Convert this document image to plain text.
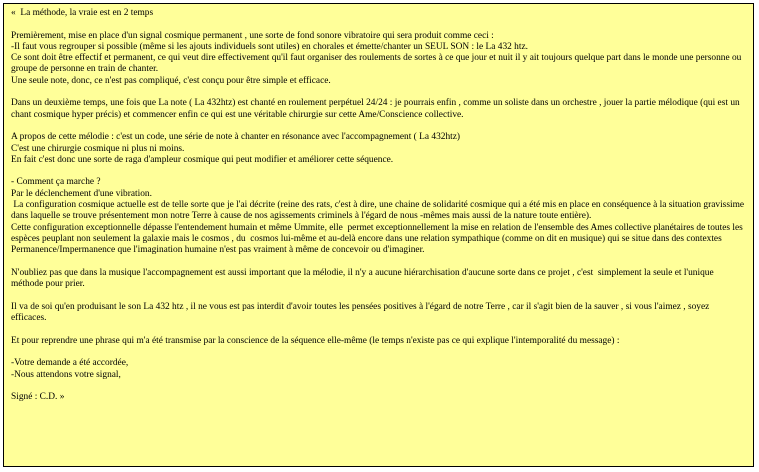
«  La méthode, la vraie est en 2 temps

Premièrement, mise en place d'un signal cosmique permanent , une sorte de fond sonore vibratoire qui sera produit comme ceci :
-Il faut vous regrouper si possible (même si les ajouts individuels sont utiles) en chorales et émette/chanter un SEUL SON : le La 432 htz.
Ce sont doit être effectif et permanent, ce qui veut dire effectivement qu'il faut organiser des roulements de sortes à ce que jour et nuit il y ait toujours quelque part dans le monde une personne ou groupe de personne en train de chanter.
Une seule note, donc, ce n'est pas compliqué, c'est conçu pour être simple et efficace.

Dans un deuxième temps, une fois que La note ( La 432htz) est chanté en roulement perpétuel 24/24 : je pourrais enfin , comme un soliste dans un orchestre , jouer la partie mélodique (qui est un chant cosmique hyper précis) et commencer enfin ce qui est une véritable chirurgie sur cette Ame/Conscience collective.

A propos de cette mélodie : c'est un code, une série de note à chanter en résonance avec l'accompagnement ( La 432htz)
C'est une chirurgie cosmique ni plus ni moins.
En fait c'est donc une sorte de raga d'ampleur cosmique qui peut modifier et améliorer cette séquence.

- Comment ça marche ?
Par le déclenchement d'une vibration.
La configuration cosmique actuelle est de telle sorte que je l'ai décrite (reine des rats, c'est à dire, une chaine de solidarité cosmique qui a été mis en place en conséquence à la situation gravissime dans laquelle se trouve présentement mon notre Terre à cause de nos agissements criminels à l'égard de nous -mêmes mais aussi de la nature toute entière).
Cette configuration exceptionnelle dépasse l'entendement humain et même Ummite, elle  permet exceptionnellement la mise en relation de l'ensemble des Ames collective planétaires de toutes les espèces peuplant non seulement la galaxie mais le cosmos , du  cosmos lui-même et au-delà encore dans une relation sympathique (comme on dit en musique) qui se situe dans des contextes Permanence/Impermanence que l'imagination humaine n'est pas vraiment à même de concevoir ou d'imaginer.

N'oubliez pas que dans la musique l'accompagnement est aussi important que la mélodie, il n'y a aucune hiérarchisation d'aucune sorte dans ce projet , c'est  simplement la seule et l'unique méthode pour prier.

Il va de soi qu'en produisant le son La 432 htz , il ne vous est pas interdit d'avoir toutes les pensées positives à l'égard de notre Terre , car il s'agit bien de la sauver , si vous l'aimez , soyez efficaces.

Et pour reprendre une phrase qui m'a été transmise par la conscience de la séquence elle-même (le temps n'existe pas ce qui explique l'intemporalité du message) :

-Votre demande a été accordée,
-Nous attendons votre signal,

Signé : C.D. »
